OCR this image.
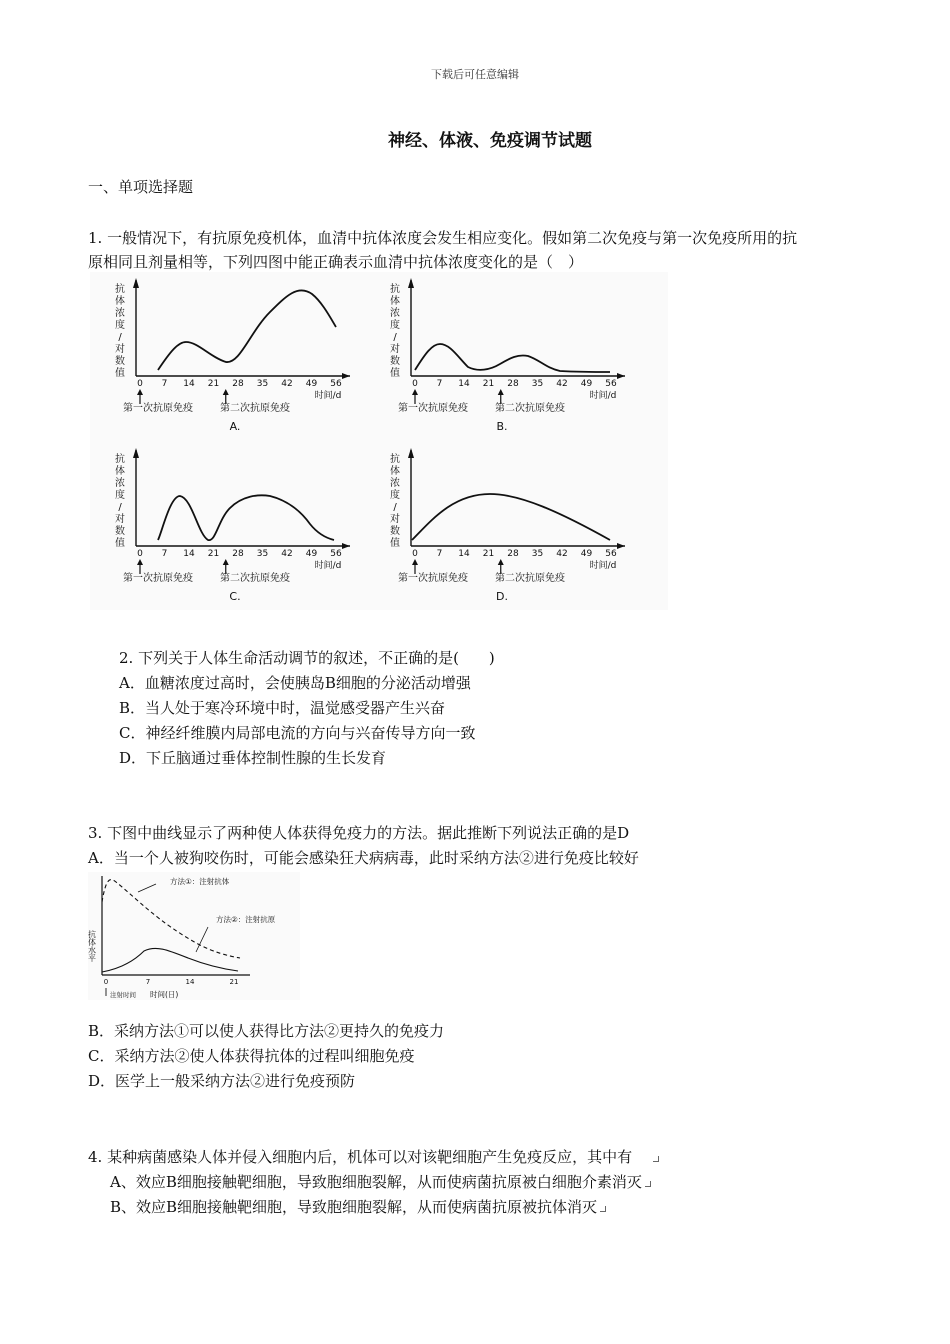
下载后可任意编辑
神经、体液、免疫调节试题
一、单项选择题
1. 一般情况下，有抗原免疫机体，血清中抗体浓度会发生相应变化。假如第二次免疫与第一次免疫所用的抗
原相同且剂量相等，下列四图中能正确表示血清中抗体浓度变化的是（　）
抗
体
浓
度
/
对
数
值
0 7 14 21 28 35 42 49 56
时间/d
第一次抗原免疫	第二次抗原免疫
A.
抗
体
浓
度
/
对
数
值
0 7 14 21 28 35 42 49 56
时间/d
第一次抗原免疫	第二次抗原免疫
B.
抗
体
浓
度
/
对
数
值
0 7 14 21 28 35 42 49 56
时间/d
第一次抗原免疫	第二次抗原免疫
C.
抗
体
浓
度
/
对
数
值
0 7 14 21 28 35 42 49 56
时间/d
第一次抗原免疫	第二次抗原免疫
D.
2. 下列关于人体生命活动调节的叙述，不正确的是(　　)
A．血糖浓度过高时，会使胰岛B细胞的分泌活动增强
B．当人处于寒冷环境中时，温觉感受器产生兴奋
C．神经纤维膜内局部电流的方向与兴奋传导方向一致
D．下丘脑通过垂体控制性腺的生长发育
3. 下图中曲线显示了两种使人体获得免疫力的方法。据此推断下列说法正确的是D
A．当一个人被狗咬伤时，可能会感染狂犬病病毒，此时采纳方法②进行免疫比较好
抗体水平
方法①：注射抗体
方法②：注射抗原
0	7	14	21
注射时间 时间(日)
B．采纳方法①可以使人获得比方法②更持久的免疫力
C．采纳方法②使人体获得抗体的过程叫细胞免疫
D．医学上一般采纳方法②进行免疫预防
4. 某种病菌感染人体并侵入细胞内后，机体可以对该靶细胞产生免疫反应，其中有
A、效应B细胞接触靶细胞，导致胞细胞裂解，从而使病菌抗原被白细胞介素消灭
B、效应B细胞接触靶细胞，导致胞细胞裂解，从而使病菌抗原被抗体消灭
